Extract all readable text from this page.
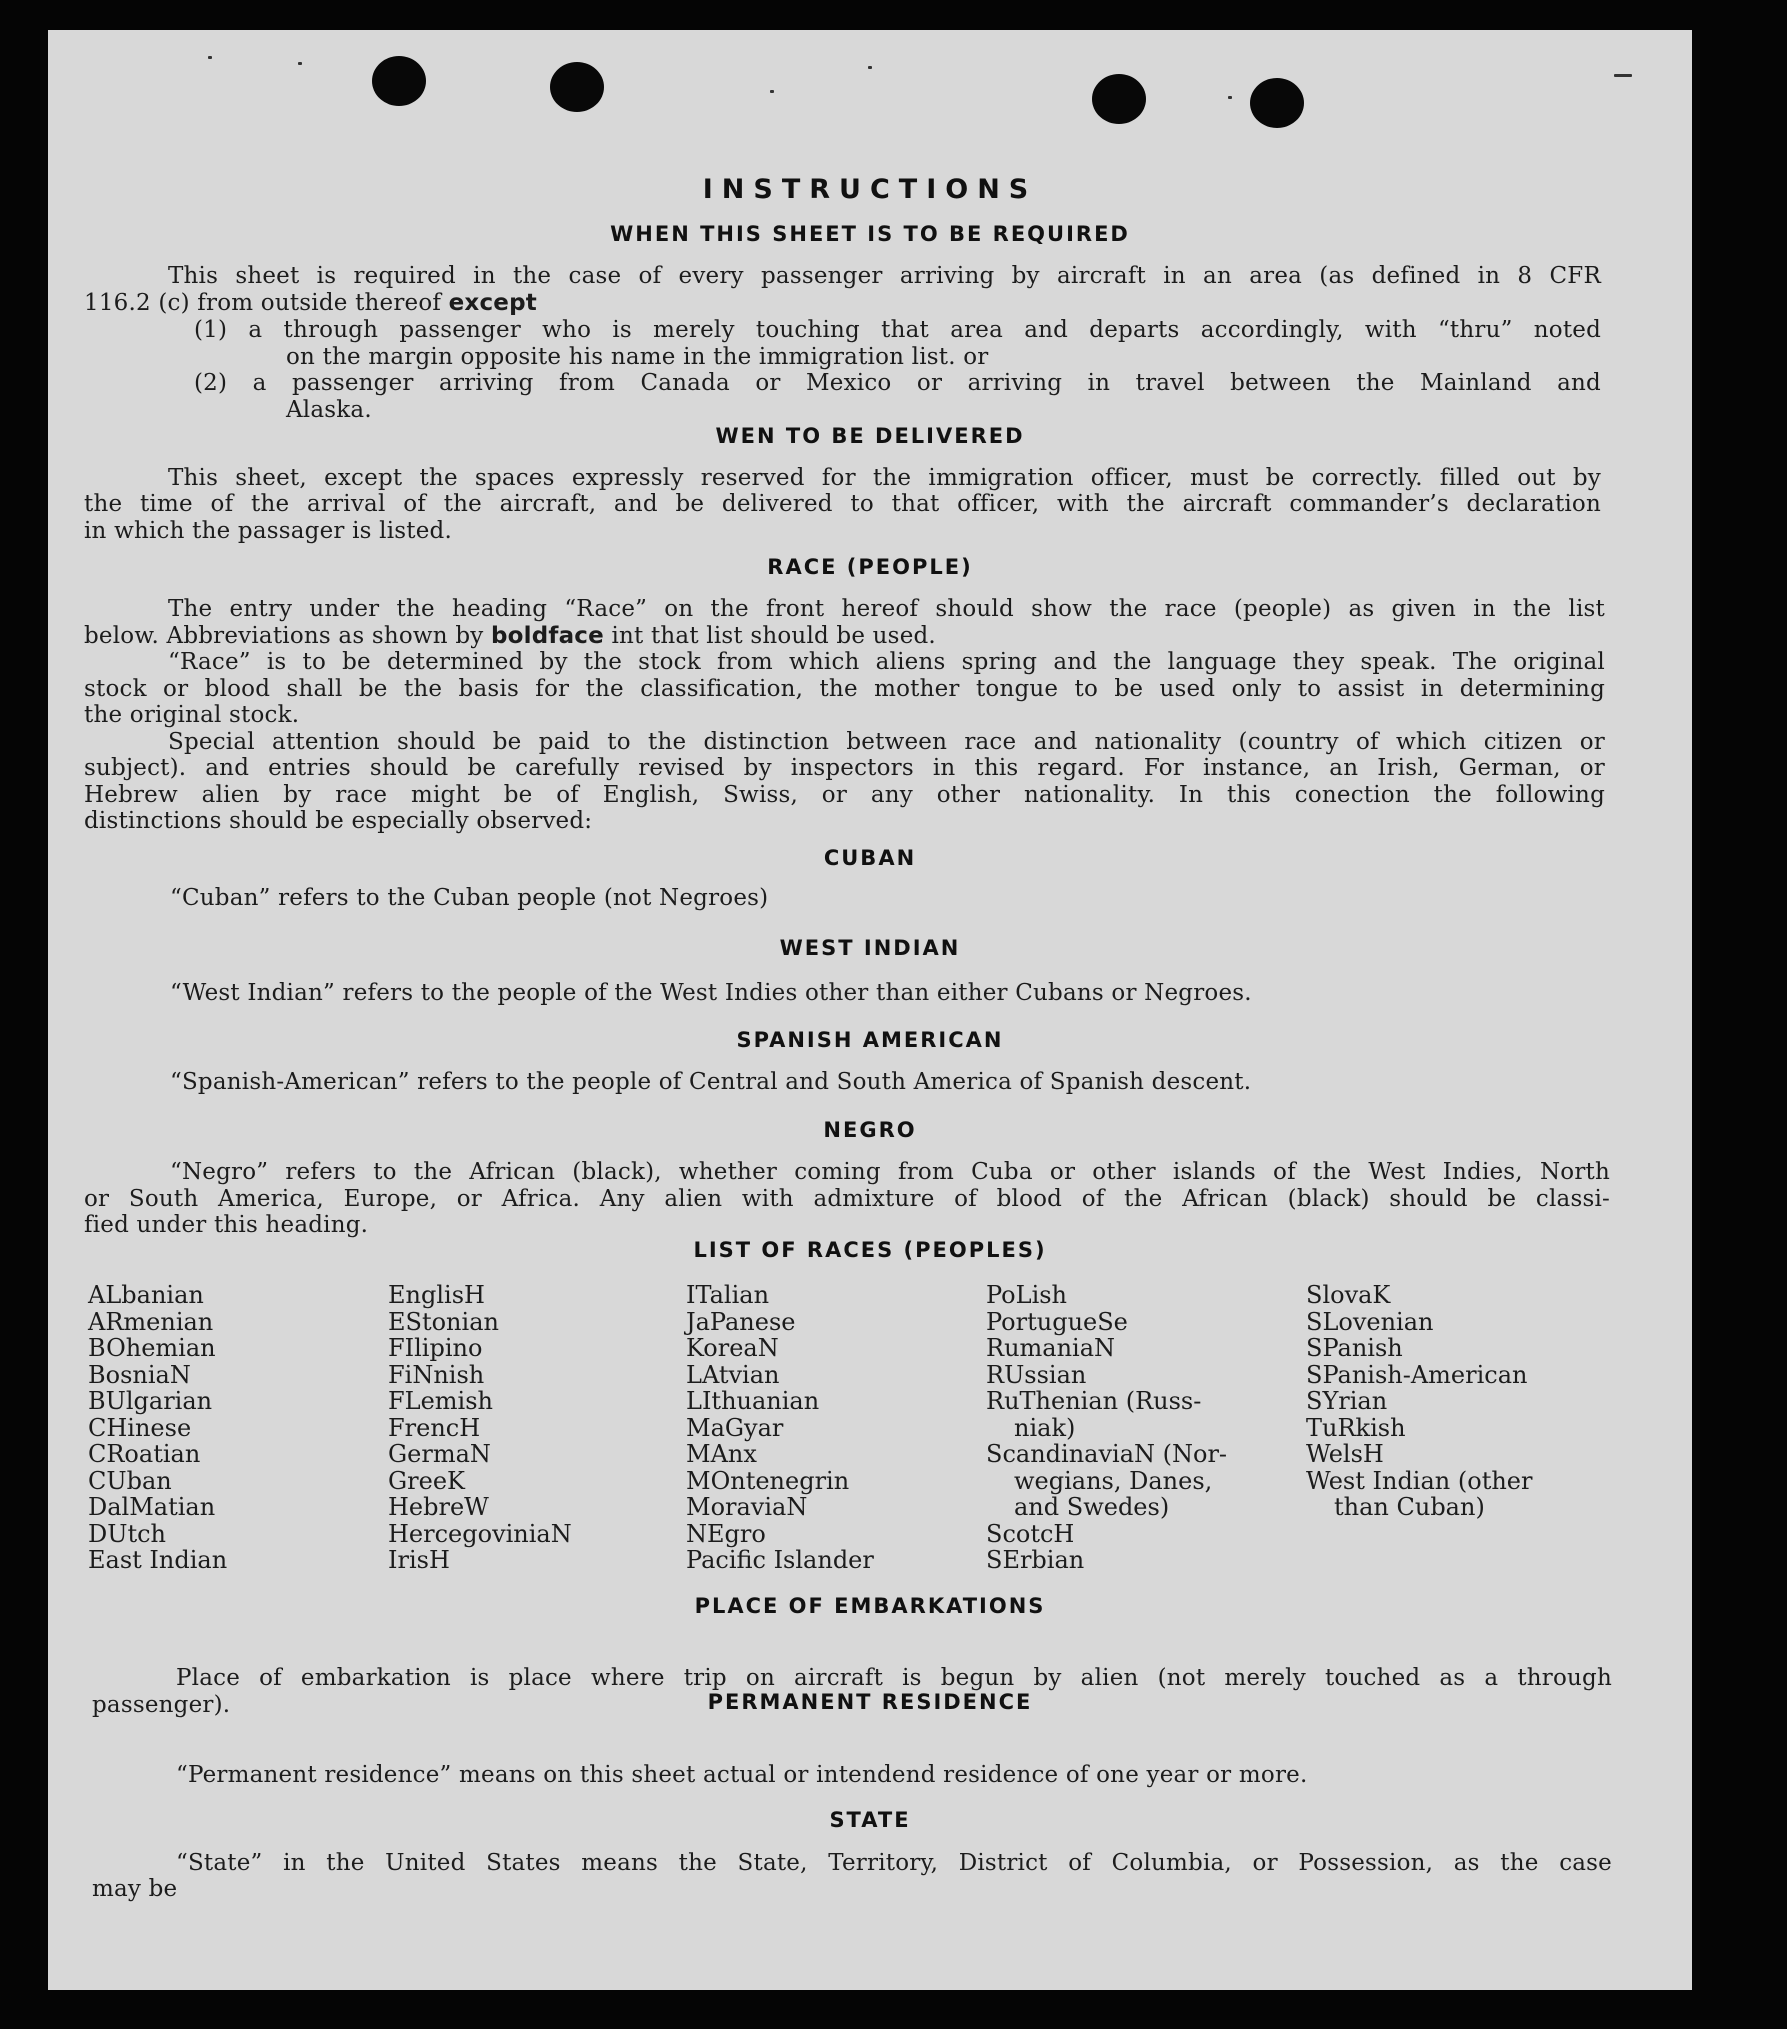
INSTRUCTIONS
WHEN THIS SHEET IS TO BE REQUIRED
This sheet is required in the case of every passenger arriving by aircraft in an area (as defined in 8 CFR
116.2 (c) from outside thereof except
(1) a through passenger who is merely touching that area and departs accordingly, with “thru” noted
on the margin opposite his name in the immigration list. or
(2) a passenger arriving from Canada or Mexico or arriving in travel between the Mainland and
Alaska.
WEN TO BE DELIVERED
This sheet, except the spaces expressly reserved for the immigration officer, must be correctly. filled out by
the time of the arrival of the aircraft, and be delivered to that officer, with the aircraft commander’s declaration
in which the passager is listed.
RACE (PEOPLE)
The entry under the heading “Race” on the front hereof should show the race (people) as given in the list
below. Abbreviations as shown by boldface int that list should be used.
“Race” is to be determined by the stock from which aliens spring and the language they speak. The original
stock or blood shall be the basis for the classification, the mother tongue to be used only to assist in determining
the original stock.
Special attention should be paid to the distinction between race and nationality (country of which citizen or
subject). and entries should be carefully revised by inspectors in this regard. For instance, an Irish, German, or
Hebrew alien by race might be of English, Swiss, or any other nationality. In this conection the following
distinctions should be especially observed:
CUBAN
“Cuban” refers to the Cuban people (not Negroes)
WEST INDIAN
“West Indian” refers to the people of the West Indies other than either Cubans or Negroes.
SPANISH AMERICAN
“Spanish-American” refers to the people of Central and South America of Spanish descent.
NEGRO
“Negro” refers to the African (black), whether coming from Cuba or other islands of the West Indies, North
or South America, Europe, or Africa. Any alien with admixture of blood of the African (black) should be classi-
fied under this heading.
LIST OF RACES (PEOPLES)
ALbanian
ARmenian
BOhemian
BosniaN
BUlgarian
CHinese
CRoatian
CUban
DalMatian
DUtch
East Indian
EnglisH
EStonian
FIlipino
FiNnish
FLemish
FrencH
GermaN
GreeK
HebreW
HercegoviniaN
IrisH
ITalian
JaPanese
KoreaN
LAtvian
LIthuanian
MaGyar
MAnx
MOntenegrin
MoraviaN
NEgro
Pacific Islander
PoLish
PortugueSe
RumaniaN
RUssian
RuThenian (Russ-
niak)
ScandinaviaN (Nor-
wegians, Danes,
and Swedes)
ScotcH
SErbian
SlovaK
SLovenian
SPanish
SPanish-American
SYrian
TuRkish
WelsH
West Indian (other
than Cuban)
PLACE OF EMBARKATIONS
Place of embarkation is place where trip on aircraft is begun by alien (not merely touched as a through
passenger).	PERMANENT RESIDENCE
“Permanent residence” means on this sheet actual or intendend residence of one year or more.
STATE
“State” in the United States means the State, Territory, District of Columbia, or Possession, as the case
may be
